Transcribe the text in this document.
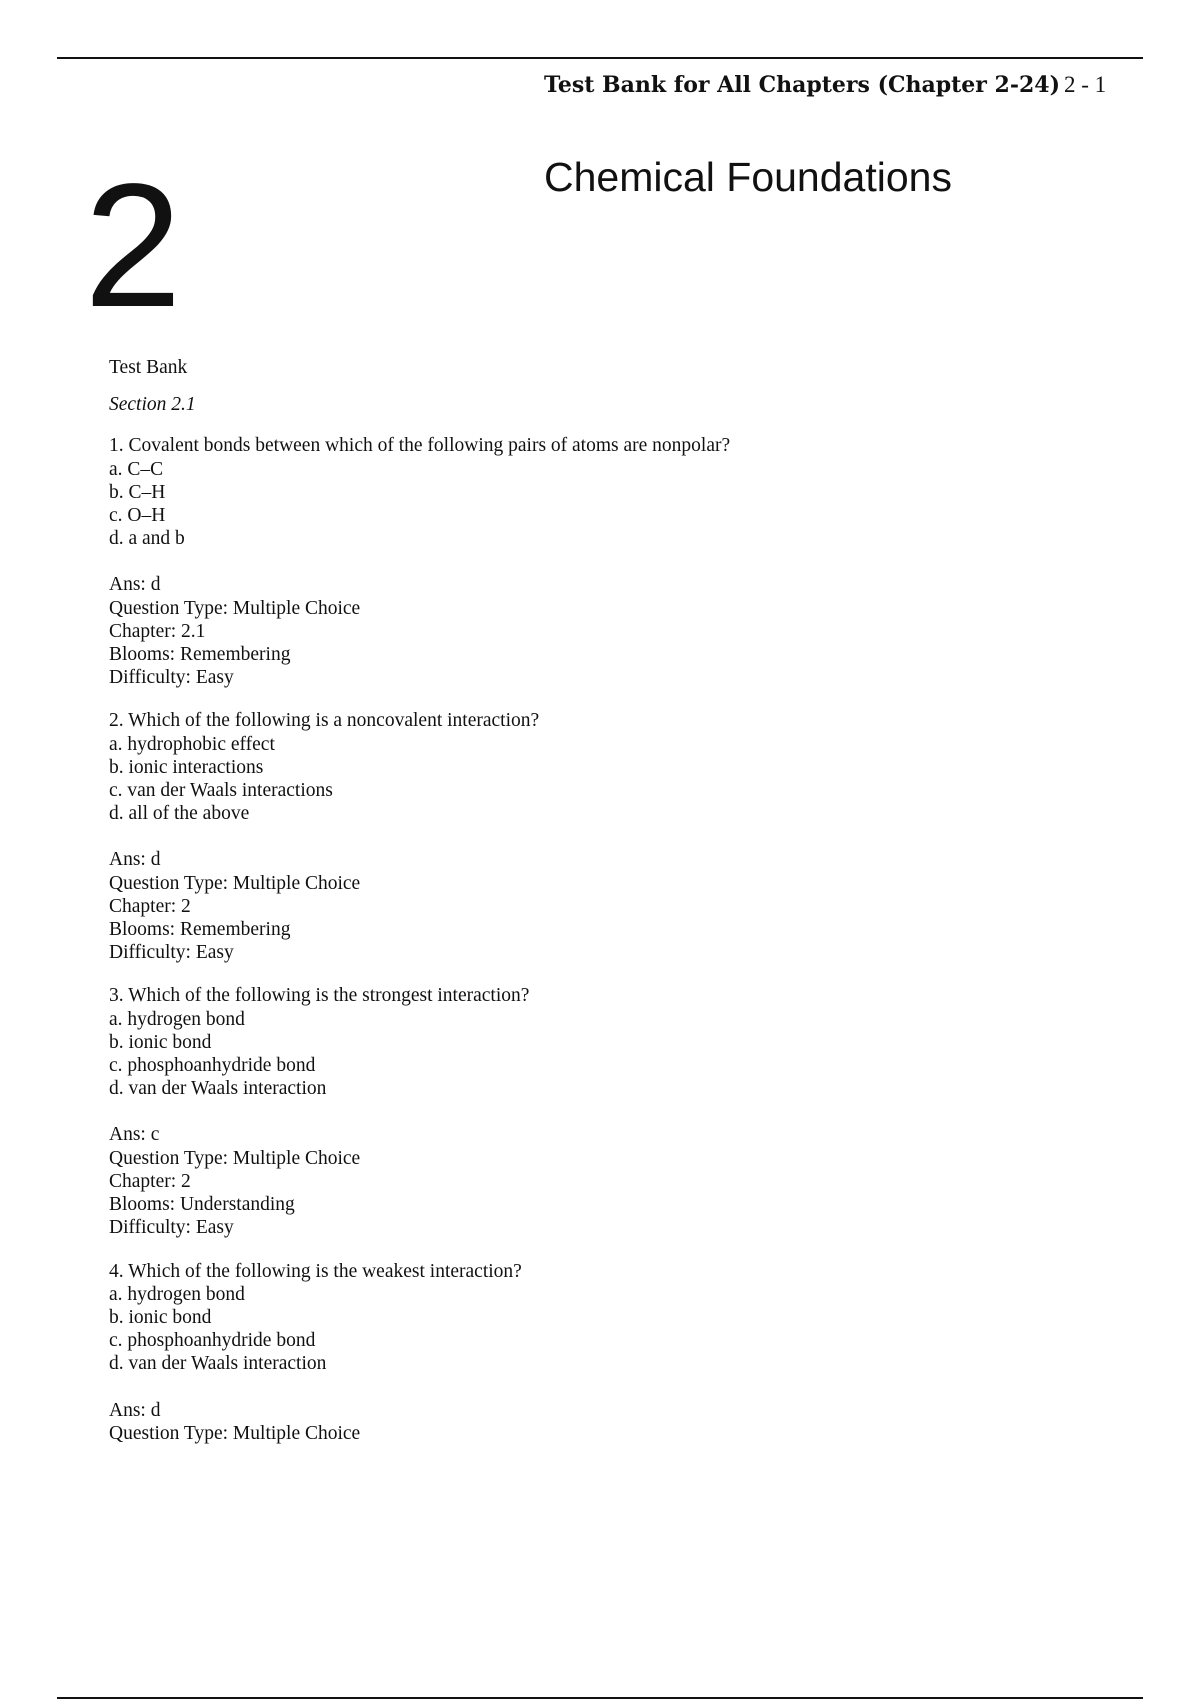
Test Bank for All Chapters (Chapter 2-24) 2 - 1
2	Chemical Foundations

Test Bank

Section 2.1

1. Covalent bonds between which of the following pairs of atoms are nonpolar?

a. C–C

b. C–H

c. O–H

d. a and b

Ans: d

Question Type: Multiple Choice

Chapter: 2.1

Blooms: Remembering

Difficulty: Easy

2. Which of the following is a noncovalent interaction?

a. hydrophobic effect

b. ionic interactions

c. van der Waals interactions

d. all of the above

Ans: d

Question Type: Multiple Choice

Chapter: 2

Blooms: Remembering

Difficulty: Easy

3. Which of the following is the strongest interaction?

a. hydrogen bond

b. ionic bond

c. phosphoanhydride bond

d. van der Waals interaction

Ans: c

Question Type: Multiple Choice

Chapter: 2

Blooms: Understanding

Difficulty: Easy

4. Which of the following is the weakest interaction?

a. hydrogen bond

b. ionic bond

c. phosphoanhydride bond

d. van der Waals interaction

Ans: d

Question Type: Multiple Choice
